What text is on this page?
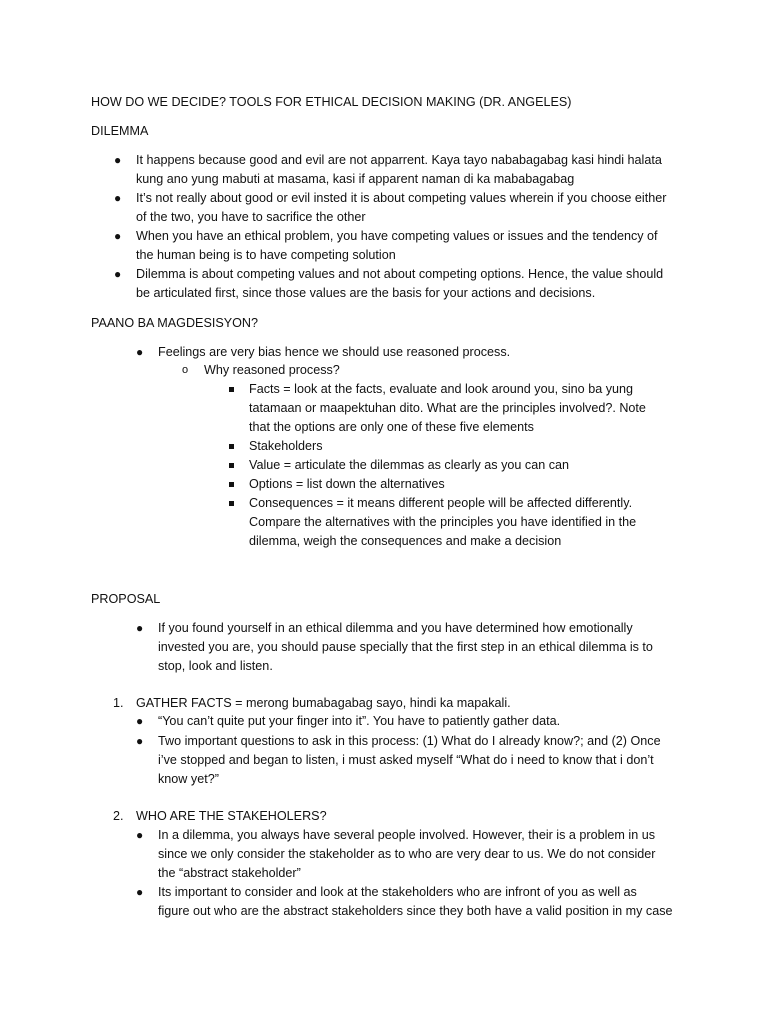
HOW DO WE DECIDE? TOOLS FOR ETHICAL DECISION MAKING (DR. ANGELES)
DILEMMA
● It happens because good and evil are not apparrent. Kaya tayo nababagabag kasi hindi halata
kung ano yung mabuti at masama, kasi if apparent naman di ka mababagabag
● It’s not really about good or evil insted it is about competing values wherein if you choose either
of the two, you have to sacrifice the other
● When you have an ethical problem, you have competing values or issues and the tendency of
the human being is to have competing solution
● Dilemma is about competing values and not about competing options. Hence, the value should
be articulated first, since those values are the basis for your actions and decisions.
PAANO BA MAGDESISYON?
● Feelings are very bias hence we should use reasoned process.
o Why reasoned process?
Facts = look at the facts, evaluate and look around you, sino ba yung
tatamaan or maapektuhan dito. What are the principles involved?. Note
that the options are only one of these five elements
Stakeholders
Value = articulate the dilemmas as clearly as you can can
Options = list down the alternatives
Consequences = it means different people will be affected differently.
Compare the alternatives with the principles you have identified in the
dilemma, weigh the consequences and make a decision
PROPOSAL
● If you found yourself in an ethical dilemma and you have determined how emotionally
invested you are, you should pause specially that the first step in an ethical dilemma is to
stop, look and listen.
1. GATHER FACTS = merong bumabagabag sayo, hindi ka mapakali.
● “You can’t quite put your finger into it”. You have to patiently gather data.
● Two important questions to ask in this process: (1) What do I already know?; and (2) Once
i’ve stopped and began to listen, i must asked myself “What do i need to know that i don’t
know yet?”
2. WHO ARE THE STAKEHOLERS?
● In a dilemma, you always have several people involved. However, their is a problem in us
since we only consider the stakeholder as to who are very dear to us. We do not consider
the “abstract stakeholder”
● Its important to consider and look at the stakeholders who are infront of you as well as
figure out who are the abstract stakeholders since they both have a valid position in my case
